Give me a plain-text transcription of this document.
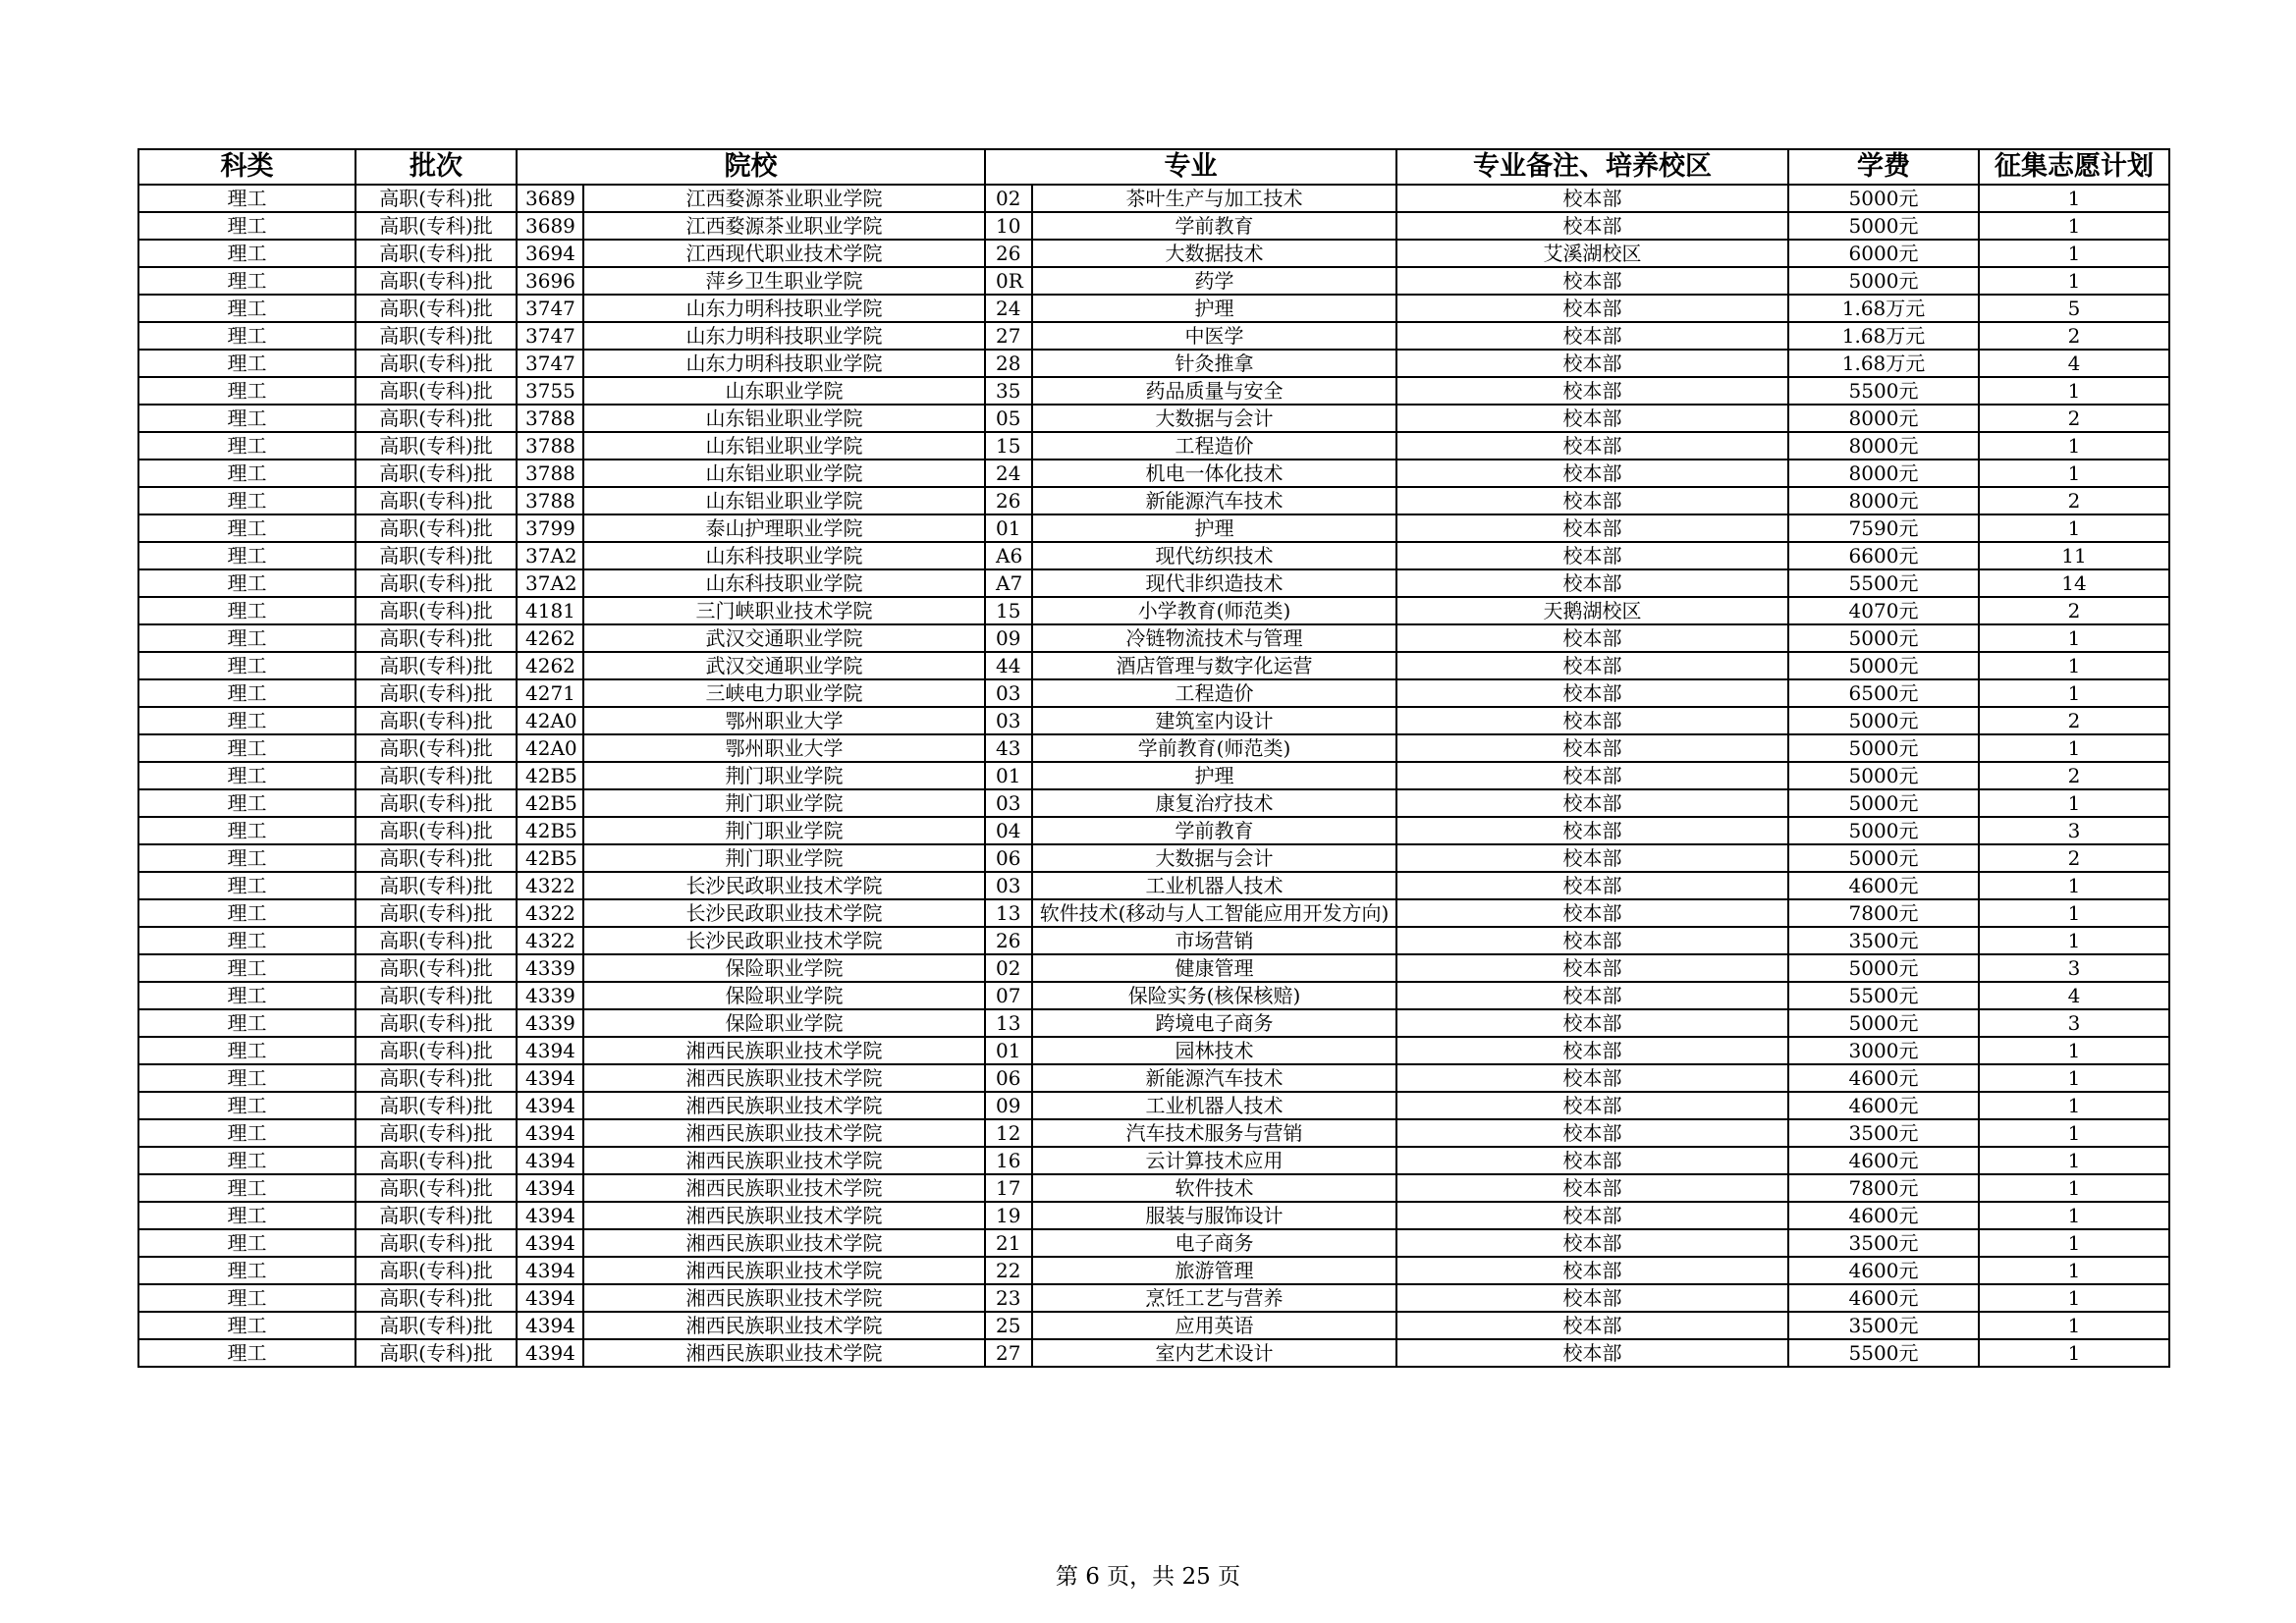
科类	批次	院校		专业		专业备注、培养校区	学费	征集志愿计划
理工	高职(专科)批	3689	江西婺源茶业职业学院	02	茶叶生产与加工技术	校本部	5000元	1
理工	高职(专科)批	3689	江西婺源茶业职业学院	10	学前教育	校本部	5000元	1
理工	高职(专科)批	3694	江西现代职业技术学院	26	大数据技术	艾溪湖校区	6000元	1
理工	高职(专科)批	3696	萍乡卫生职业学院	0R	药学	校本部	5000元	1
理工	高职(专科)批	3747	山东力明科技职业学院	24	护理	校本部	1.68万元	5
理工	高职(专科)批	3747	山东力明科技职业学院	27	中医学	校本部	1.68万元	2
理工	高职(专科)批	3747	山东力明科技职业学院	28	针灸推拿	校本部	1.68万元	4
理工	高职(专科)批	3755	山东职业学院	35	药品质量与安全	校本部	5500元	1
理工	高职(专科)批	3788	山东铝业职业学院	05	大数据与会计	校本部	8000元	2
理工	高职(专科)批	3788	山东铝业职业学院	15	工程造价	校本部	8000元	1
理工	高职(专科)批	3788	山东铝业职业学院	24	机电一体化技术	校本部	8000元	1
理工	高职(专科)批	3788	山东铝业职业学院	26	新能源汽车技术	校本部	8000元	2
理工	高职(专科)批	3799	泰山护理职业学院	01	护理	校本部	7590元	1
理工	高职(专科)批	37A2	山东科技职业学院	A6	现代纺织技术	校本部	6600元	11
理工	高职(专科)批	37A2	山东科技职业学院	A7	现代非织造技术	校本部	5500元	14
理工	高职(专科)批	4181	三门峡职业技术学院	15	小学教育(师范类)	天鹅湖校区	4070元	2
理工	高职(专科)批	4262	武汉交通职业学院	09	冷链物流技术与管理	校本部	5000元	1
理工	高职(专科)批	4262	武汉交通职业学院	44	酒店管理与数字化运营	校本部	5000元	1
理工	高职(专科)批	4271	三峡电力职业学院	03	工程造价	校本部	6500元	1
理工	高职(专科)批	42A0	鄂州职业大学	03	建筑室内设计	校本部	5000元	2
理工	高职(专科)批	42A0	鄂州职业大学	43	学前教育(师范类)	校本部	5000元	1
理工	高职(专科)批	42B5	荆门职业学院	01	护理	校本部	5000元	2
理工	高职(专科)批	42B5	荆门职业学院	03	康复治疗技术	校本部	5000元	1
理工	高职(专科)批	42B5	荆门职业学院	04	学前教育	校本部	5000元	3
理工	高职(专科)批	42B5	荆门职业学院	06	大数据与会计	校本部	5000元	2
理工	高职(专科)批	4322	长沙民政职业技术学院	03	工业机器人技术	校本部	4600元	1
理工	高职(专科)批	4322	长沙民政职业技术学院	13	软件技术(移动与人工智能应用开发方向)	校本部	7800元	1
理工	高职(专科)批	4322	长沙民政职业技术学院	26	市场营销	校本部	3500元	1
理工	高职(专科)批	4339	保险职业学院	02	健康管理	校本部	5000元	3
理工	高职(专科)批	4339	保险职业学院	07	保险实务(核保核赔)	校本部	5500元	4
理工	高职(专科)批	4339	保险职业学院	13	跨境电子商务	校本部	5000元	3
理工	高职(专科)批	4394	湘西民族职业技术学院	01	园林技术	校本部	3000元	1
理工	高职(专科)批	4394	湘西民族职业技术学院	06	新能源汽车技术	校本部	4600元	1
理工	高职(专科)批	4394	湘西民族职业技术学院	09	工业机器人技术	校本部	4600元	1
理工	高职(专科)批	4394	湘西民族职业技术学院	12	汽车技术服务与营销	校本部	3500元	1
理工	高职(专科)批	4394	湘西民族职业技术学院	16	云计算技术应用	校本部	4600元	1
理工	高职(专科)批	4394	湘西民族职业技术学院	17	软件技术	校本部	7800元	1
理工	高职(专科)批	4394	湘西民族职业技术学院	19	服装与服饰设计	校本部	4600元	1
理工	高职(专科)批	4394	湘西民族职业技术学院	21	电子商务	校本部	3500元	1
理工	高职(专科)批	4394	湘西民族职业技术学院	22	旅游管理	校本部	4600元	1
理工	高职(专科)批	4394	湘西民族职业技术学院	23	烹饪工艺与营养	校本部	4600元	1
理工	高职(专科)批	4394	湘西民族职业技术学院	25	应用英语	校本部	3500元	1
理工	高职(专科)批	4394	湘西民族职业技术学院	27	室内艺术设计	校本部	5500元	1
第 6 页，共 25 页
